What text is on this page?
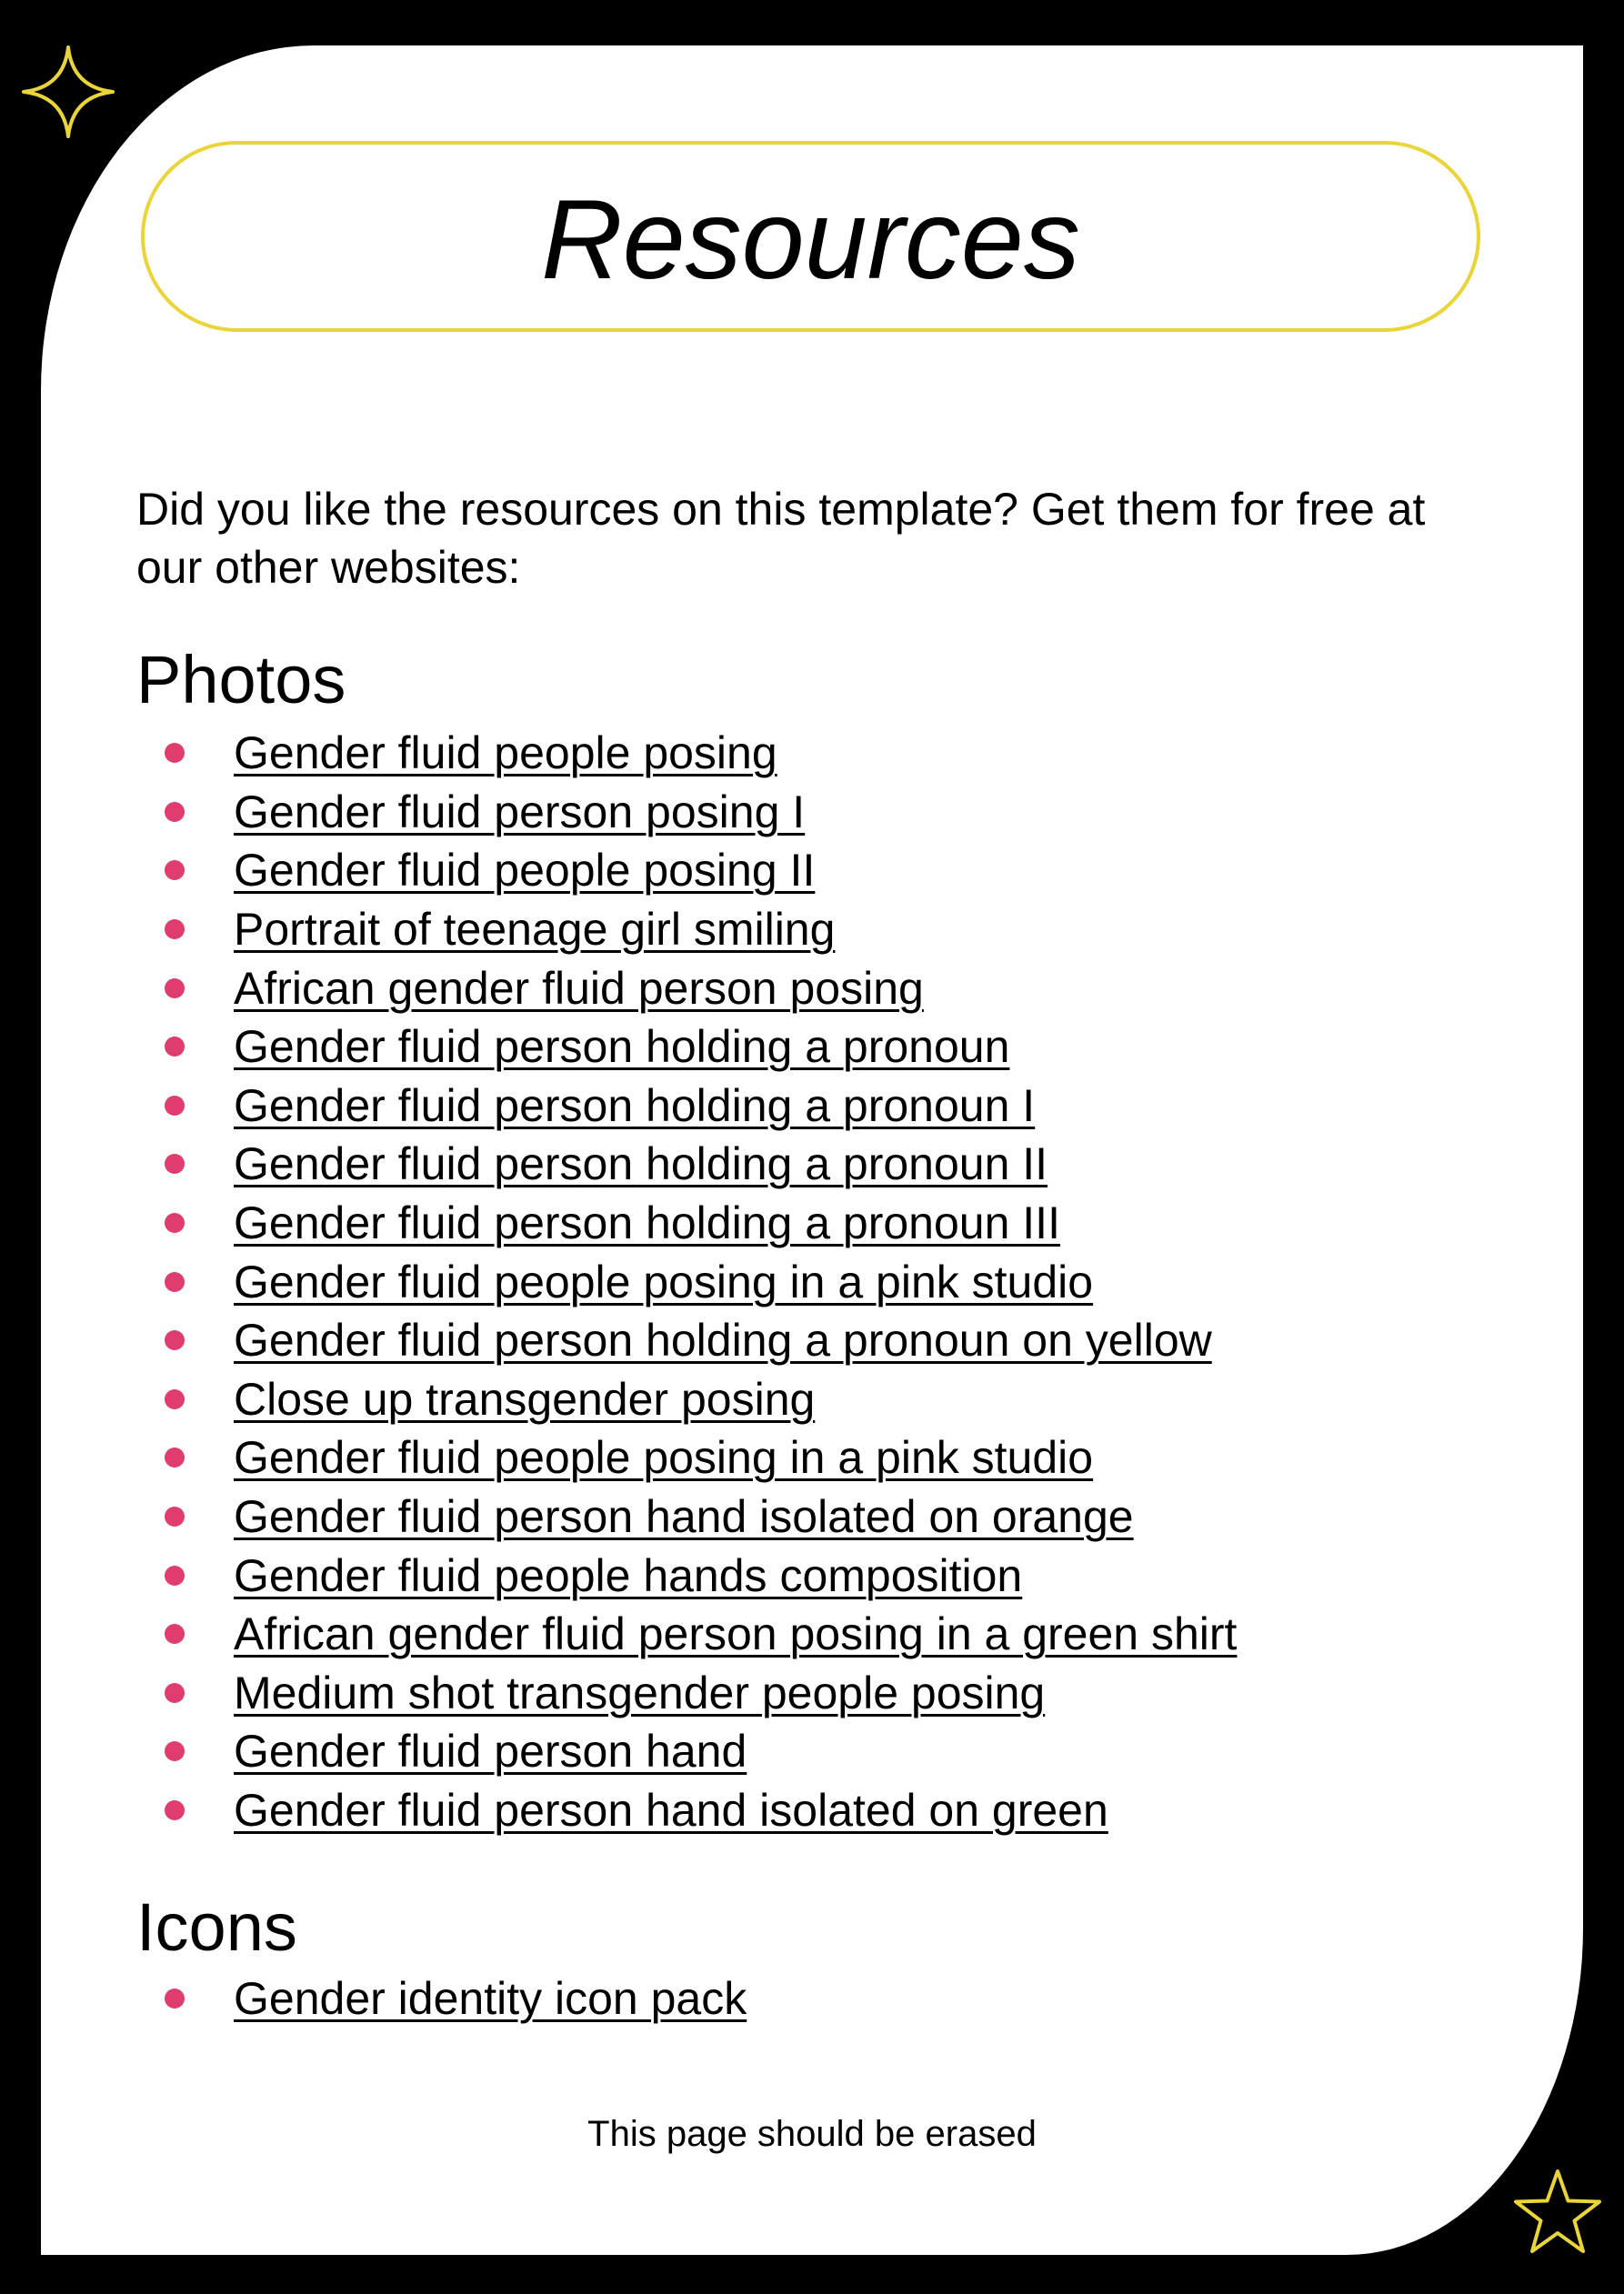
Resources

Did you like the resources on this template? Get them for free at our other websites:

Photos
Gender fluid people posing
Gender fluid person posing I
Gender fluid people posing II
Portrait of teenage girl smiling
African gender fluid person posing
Gender fluid person holding a pronoun
Gender fluid person holding a pronoun I
Gender fluid person holding a pronoun II
Gender fluid person holding a pronoun III
Gender fluid people posing in a pink studio
Gender fluid person holding a pronoun on yellow
Close up transgender posing
Gender fluid people posing in a pink studio
Gender fluid person hand isolated on orange
Gender fluid people hands composition
African gender fluid person posing in a green shirt
Medium shot transgender people posing
Gender fluid person hand
Gender fluid person hand isolated on green
Icons
Gender identity icon pack

This page should be erased
